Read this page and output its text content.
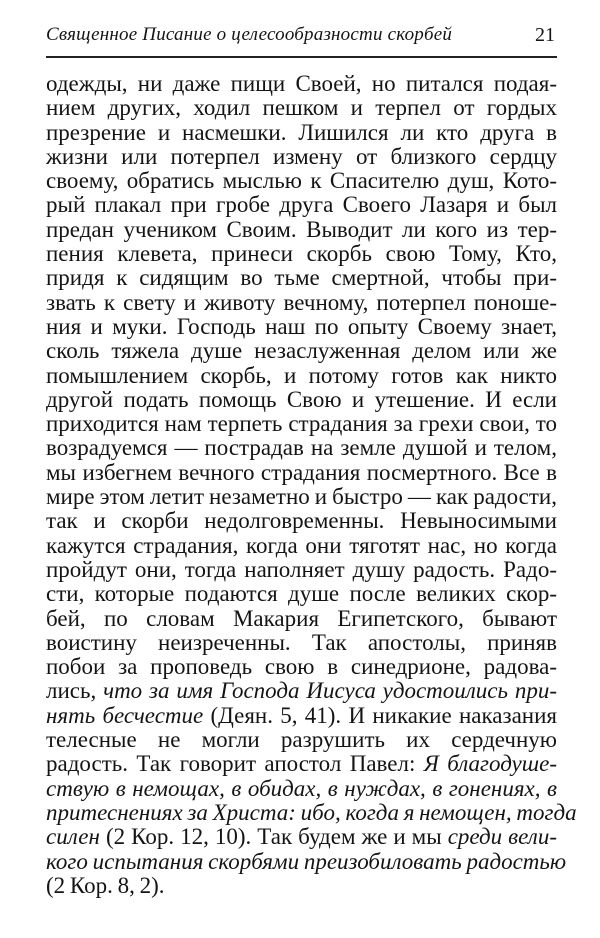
Священное Писание о целесообразности скорбей	21
одежды, ни даже пищи Своей, но питался подая-
нием других, ходил пешком и терпел от гордых
презрение и насмешки. Лишился ли кто друга в
жизни или потерпел измену от близкого сердцу
своему, обратись мыслью к Спасителю душ, Кото-
рый плакал при гробе друга Своего Лазаря и был
предан учеником Своим. Выводит ли кого из тер-
пения клевета, принеси скорбь свою Тому, Кто,
придя к сидящим во тьме смертной, чтобы при-
звать к свету и животу вечному, потерпел поноше-
ния и муки. Господь наш по опыту Своему знает,
сколь тяжела душе незаслуженная делом или же
помышлением скорбь, и потому готов как никто
другой подать помощь Свою и утешение. И если
приходится нам терпеть страдания за грехи свои, то
возрадуемся — пострадав на земле душой и телом,
мы избегнем вечного страдания посмертного. Все в
мире этом летит незаметно и быстро — как радости,
так и скорби недолговременны. Невыносимыми
кажутся страдания, когда они тяготят нас, но когда
пройдут они, тогда наполняет душу радость. Радо-
сти, которые подаются душе после великих скор-
бей, по словам Макария Египетского, бывают
воистину неизреченны. Так апостолы, приняв
побои за проповедь свою в синедрионе, радова-
лись, что за имя Господа Иисуса удостоились при-
нять бесчестие (Деян. 5, 41). И никакие наказания
телесные не могли разрушить их сердечную
радость. Так говорит апостол Павел: Я благодуше-
ствую в немощах, в обидах, в нуждах, в гонениях, в
притеснениях за Христа: ибо, когда я немощен, тогда
силен (2 Кор. 12, 10). Так будем же и мы среди вели-
кого испытания скорбями преизобиловать радостью
(2 Кор. 8, 2).
